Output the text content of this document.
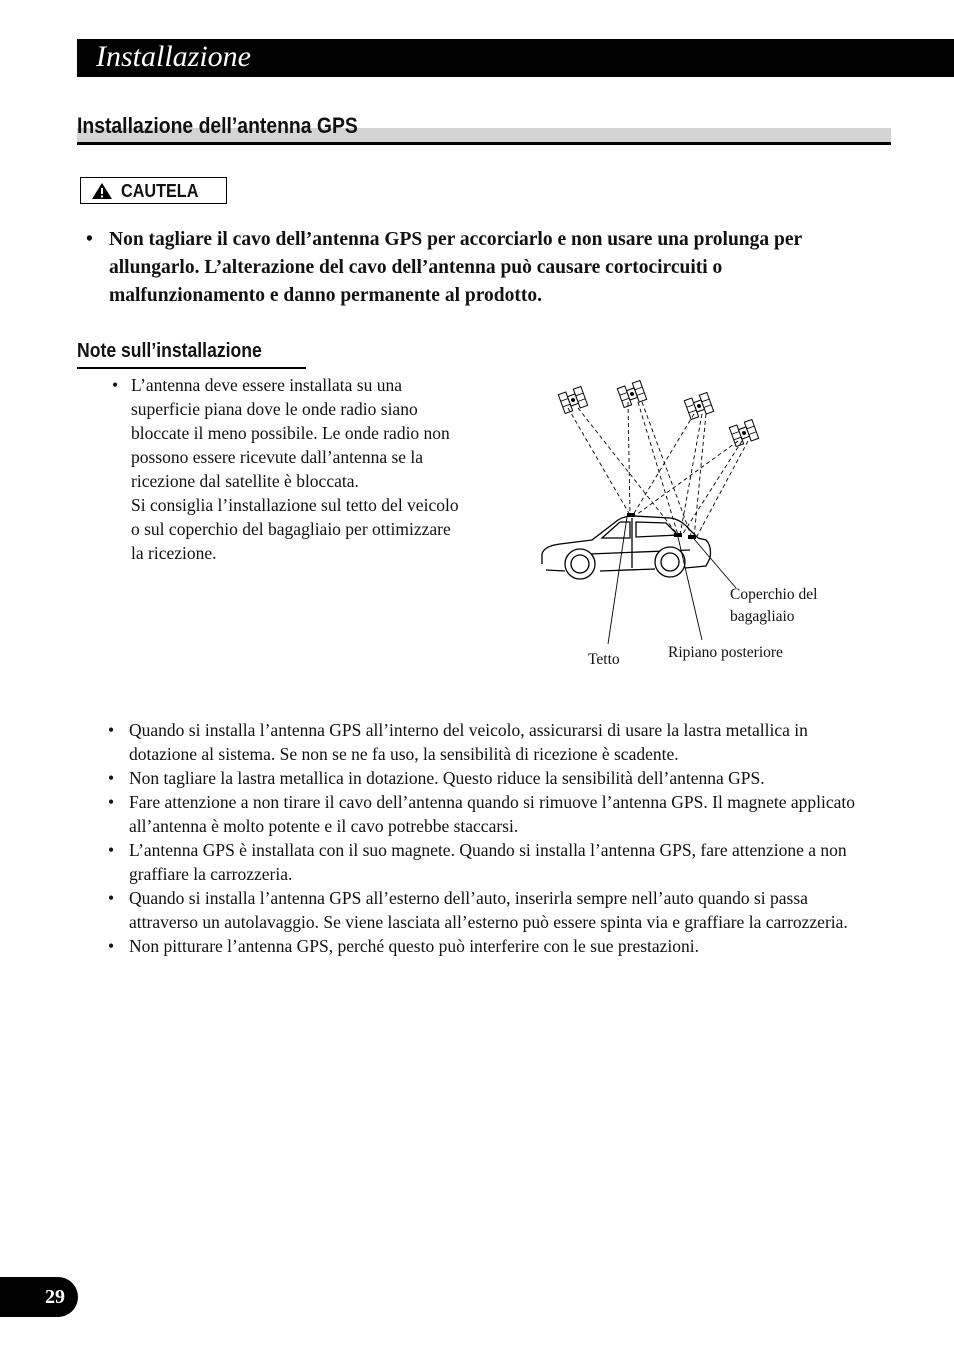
Installazione
Installazione dell’antenna GPS
CAUTELA
• Non tagliare il cavo dell’antenna GPS per accorciarlo e non usare una prolunga per allungarlo. L’alterazione del cavo dell’antenna può causare cortocircuiti o malfunzionamento e danno permanente al prodotto.
Note sull’installazione
• L’antenna deve essere installata su una superficie piana dove le onde radio siano bloccate il meno possibile. Le onde radio non possono essere ricevute dall’antenna se la ricezione dal satellite è bloccata.
Si consiglia l’installazione sul tetto del veicolo o sul coperchio del bagagliaio per ottimizzare la ricezione.
Coperchio del
bagagliaio
Tetto	Ripiano posteriore
• Quando si installa l’antenna GPS all’interno del veicolo, assicurarsi di usare la lastra metallica in dotazione al sistema. Se non se ne fa uso, la sensibilità di ricezione è scadente.
• Non tagliare la lastra metallica in dotazione. Questo riduce la sensibilità dell’antenna GPS.
• Fare attenzione a non tirare il cavo dell’antenna quando si rimuove l’antenna GPS. Il magnete applicato all’antenna è molto potente e il cavo potrebbe staccarsi.
• L’antenna GPS è installata con il suo magnete. Quando si installa l’antenna GPS, fare attenzione a non graffiare la carrozzeria.
• Quando si installa l’antenna GPS all’esterno dell’auto, inserirla sempre nell’auto quando si passa attraverso un autolavaggio. Se viene lasciata all’esterno può essere spinta via e graffiare la carrozzeria.
• Non pitturare l’antenna GPS, perché questo può interferire con le sue prestazioni.
29
